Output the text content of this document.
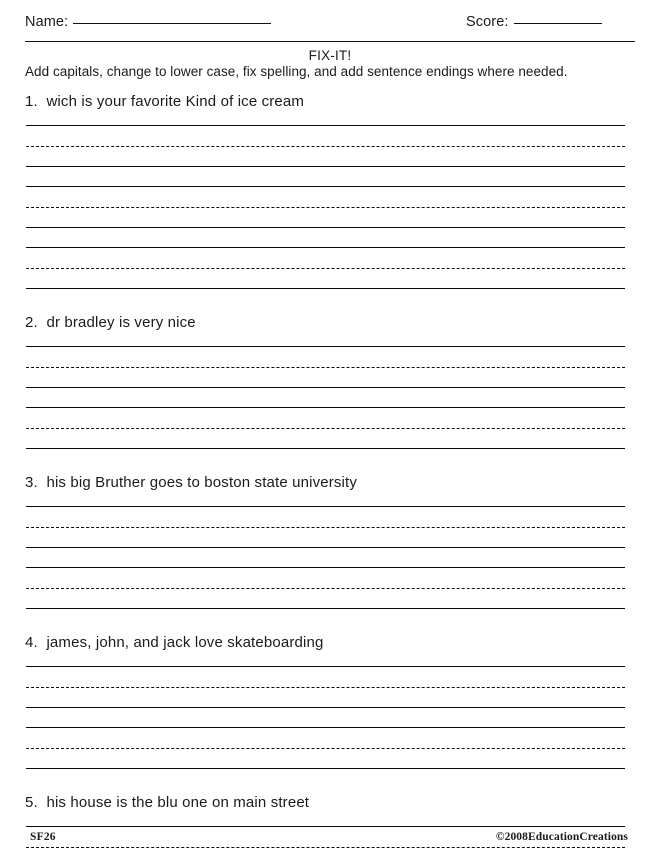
Name:	Score:
FIX-IT!
Add capitals, change to lower case, fix spelling, and add sentence endings where needed.
1.  wich is your favorite Kind of ice cream
2.  dr bradley is very nice
3.  his big Bruther goes to boston state university
4.  james, john, and jack love skateboarding
5.  his house is the blu one on main street
SF26	©2008EducationCreations
